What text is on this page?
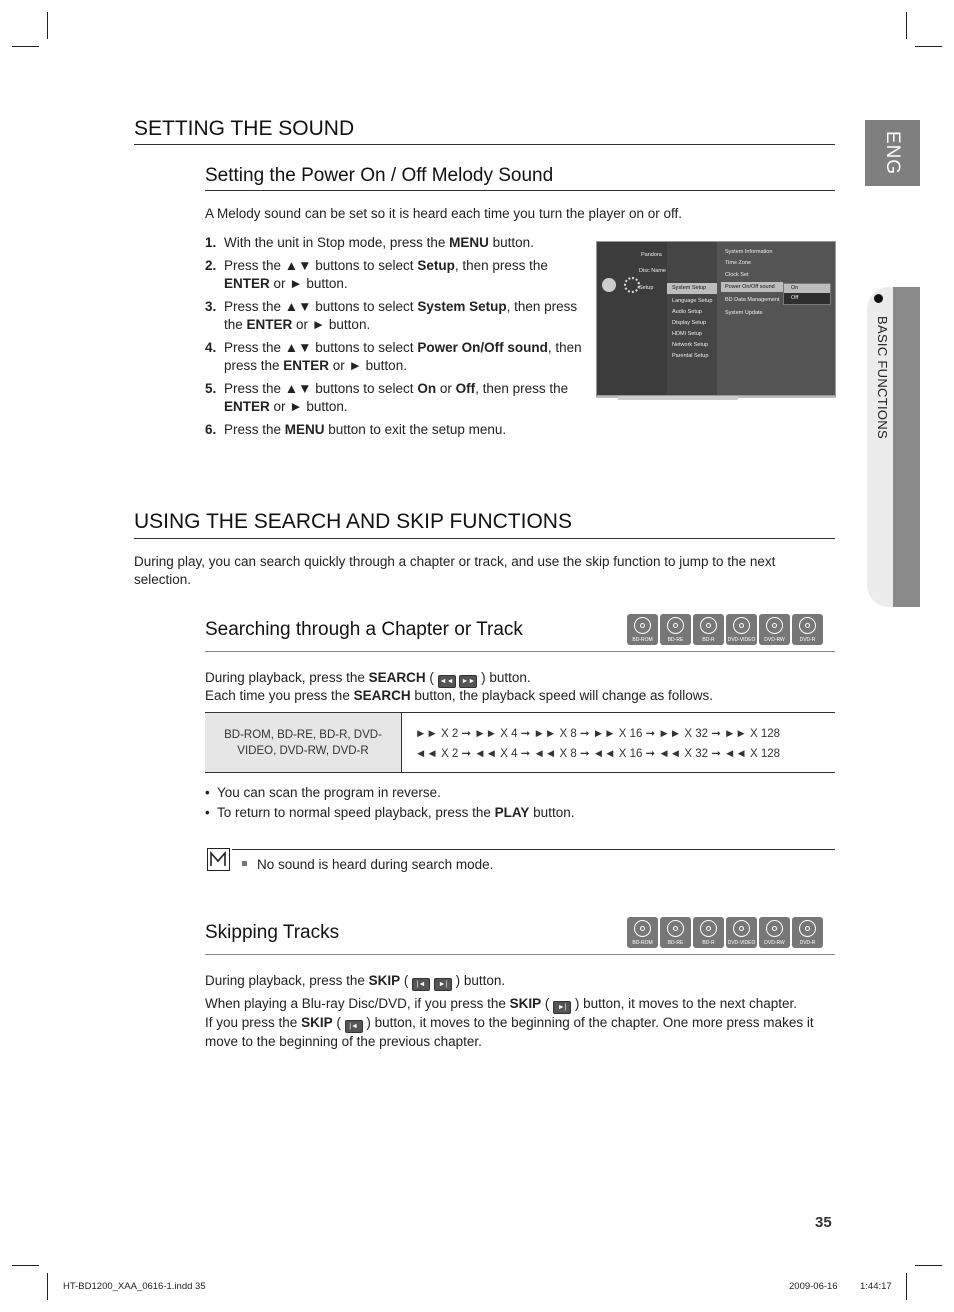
ENG
BASIC FUNCTIONS
SETTING THE SOUND
Setting the Power On / Off Melody Sound
A Melody sound can be set so it is heard each time you turn the player on or off.
1. With the unit in Stop mode, press the MENU button.
2. Press the ▲▼ buttons to select Setup, then press the ENTER or ► button.
3. Press the ▲▼ buttons to select System Setup, then press the ENTER or ► button.
4. Press the ▲▼ buttons to select Power On/Off sound, then press the ENTER or ► button.
5. Press the ▲▼ buttons to select On or Off, then press the ENTER or ► button.
6. Press the MENU button to exit the setup menu.
Pandora
Disc Name
Setup	System Setup
Language Setup
Audio Setup
Display Setup
HDMI Setup
Network Setup
Parental Setup
System Information
Time Zone
Clock Set
Power On/Off sound
BD Data Management
System Update
On
Off
USING THE SEARCH AND SKIP FUNCTIONS
During play, you can search quickly through a chapter or track, and use the skip function to jump to the next selection.
Searching through a Chapter or Track	BD-ROM	BD-RE	BD-R	DVD-VIDEO	DVD-RW	DVD-R
During playback, press the SEARCH ( ◄◄ ►► ) button.
Each time you press the SEARCH button, the playback speed will change as follows.
BD-ROM, BD-RE, BD-R, DVD-VIDEO, DVD-RW, DVD-R
►► X 2 ➞ ►► X 4 ➞ ►► X 8 ➞ ►► X 16 ➞ ►► X 32 ➞ ►► X 128
◄◄ X 2 ➞ ◄◄ X 4 ➞ ◄◄ X 8 ➞ ◄◄ X 16 ➞ ◄◄ X 32 ➞ ◄◄ X 128
• You can scan the program in reverse.
• To return to normal speed playback, press the PLAY button.
No sound is heard during search mode.
Skipping Tracks	BD-ROM	BD-RE	BD-R	DVD-VIDEO	DVD-RW	DVD-R
During playback, press the SKIP ( |◄ ►| ) button.
When playing a Blu-ray Disc/DVD, if you press the SKIP ( ►| ) button, it moves to the next chapter.
If you press the SKIP ( |◄ ) button, it moves to the beginning of the chapter. One more press makes it move to the beginning of the previous chapter.
35
HT-BD1200_XAA_0616-1.indd 35	2009-06-16 1:44:17
